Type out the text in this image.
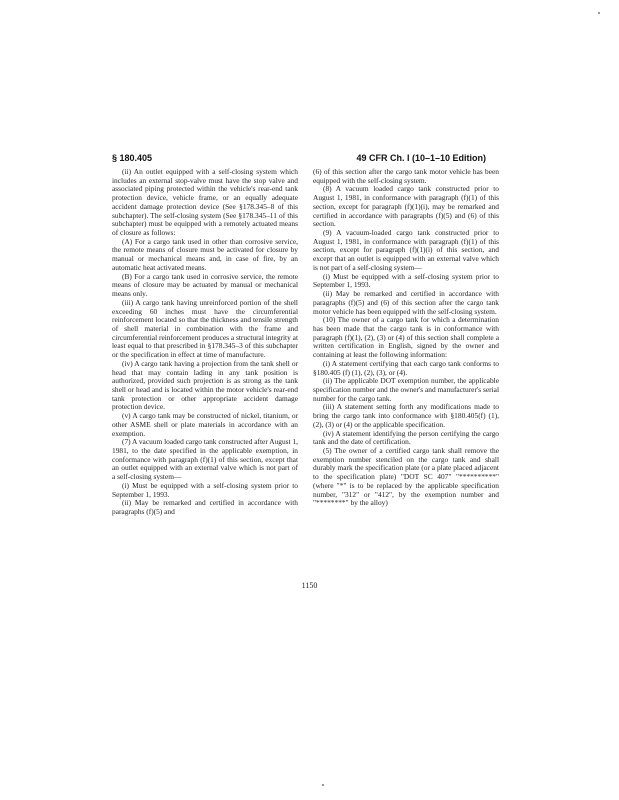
§ 180.405	49 CFR Ch. I (10–1–10 Edition)

(ii) An outlet equipped with a self-closing system which includes an external stop-valve must have the stop valve and associated piping protected within the vehicle's rear-end tank protection device, vehicle frame, or an equally adequate accident damage protection device (See §178.345–8 of this subchapter). The self-closing system (See §178.345–11 of this subchapter) must be equipped with a remotely actuated means of closure as follows:

(A) For a cargo tank used in other than corrosive service, the remote means of closure must be activated for closure by manual or mechanical means and, in case of fire, by an automatic heat activated means.

(B) For a cargo tank used in corrosive service, the remote means of closure may be actuated by manual or mechanical means only.

(iii) A cargo tank having unreinforced portion of the shell exceeding 60 inches must have the circumferential reinforcement located so that the thickness and tensile strength of shell material in combination with the frame and circumferential reinforcement produces a structural integrity at least equal to that prescribed in §178.345–3 of this subchapter or the specification in effect at time of manufacture.

(iv) A cargo tank having a projection from the tank shell or head that may contain lading in any tank position is authorized, provided such projection is as strong as the tank shell or head and is located within the motor vehicle's rear-end tank protection or other appropriate accident damage protection device.

(v) A cargo tank may be constructed of nickel, titanium, or other ASME shell or plate materials in accordance with an exemption.

(7) A vacuum loaded cargo tank constructed after August 1, 1981, to the date specified in the applicable exemption, in conformance with paragraph (f)(1) of this section, except that an outlet equipped with an external valve which is not part of a self-closing system—

(i) Must be equipped with a self-closing system prior to September 1, 1993.

(ii) May be remarked and certified in accordance with paragraphs (f)(5) and

(6) of this section after the cargo tank motor vehicle has been equipped with the self-closing system.

(8) A vacuum loaded cargo tank constructed prior to August 1, 1981, in conformance with paragraph (f)(1) of this section, except for paragraph (f)(1)(i), may be remarked and certified in accordance with paragraphs (f)(5) and (6) of this section.

(9) A vacuum-loaded cargo tank constructed prior to August 1, 1981, in conformance with paragraph (f)(1) of this section, except for paragraph (f)(1)(i) of this section, and except that an outlet is equipped with an external valve which is not part of a self-closing system—

(i) Must be equipped with a self-closing system prior to September 1, 1993.

(ii) May be remarked and certified in accordance with paragraphs (f)(5) and (6) of this section after the cargo tank motor vehicle has been equipped with the self-closing system.

(10) The owner of a cargo tank for which a determination has been made that the cargo tank is in conformance with paragraph (f)(1), (2), (3) or (4) of this section shall complete a written certification in English, signed by the owner and containing at least the following information:

(i) A statement certifying that each cargo tank conforms to §180.405 (f) (1), (2), (3), or (4).

(ii) The applicable DOT exemption number, the applicable specification number and the owner's and manufacturer's serial number for the cargo tank.

(iii) A statement setting forth any modifications made to bring the cargo tank into conformance with §180.405(f) (1), (2), (3) or (4) or the applicable specification.

(iv) A statement identifying the person certifying the cargo tank and the date of certification.

(5) The owner of a certified cargo tank shall remove the exemption number stenciled on the cargo tank and shall durably mark the specification plate (or a plate placed adjacent to the specification plate) "DOT SC 407" "**********" (where "*" is to be replaced by the applicable specification number, "312" or "412", by the exemption number and "********" by the alloy)

1150
